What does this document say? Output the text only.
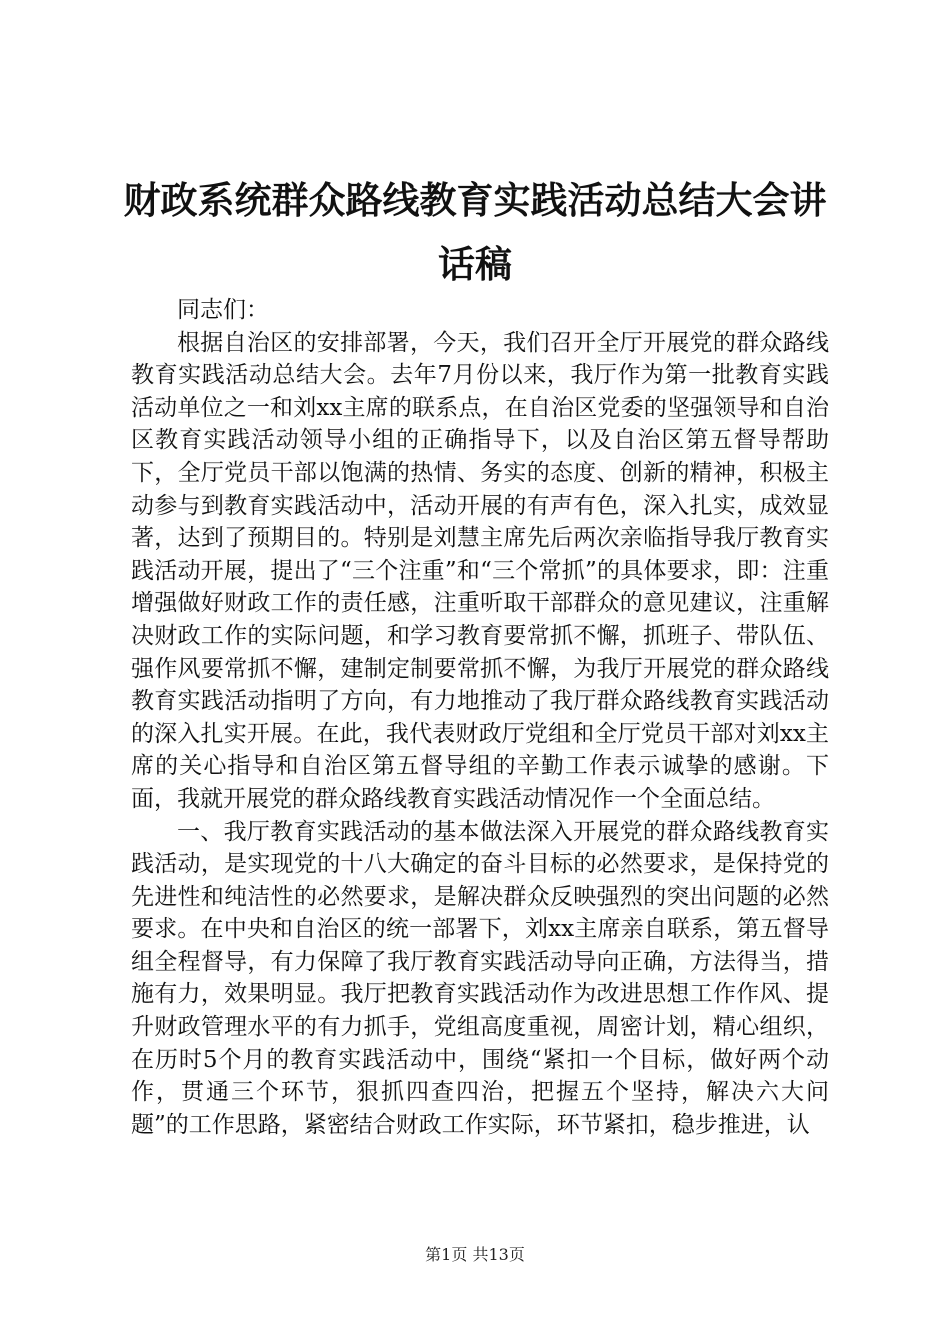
财政系统群众路线教育实践活动总结大会讲话稿

同志们：

根据自治区的安排部署，今天，我们召开全厅开展党的群众路线教育实践活动总结大会。去年7月份以来，我厅作为第一批教育实践活动单位之一和刘xx主席的联系点，在自治区党委的坚强领导和自治区教育实践活动领导小组的正确指导下，以及自治区第五督导帮助下，全厅党员干部以饱满的热情、务实的态度、创新的精神，积极主动参与到教育实践活动中，活动开展的有声有色，深入扎实，成效显著，达到了预期目的。特别是刘慧主席先后两次亲临指导我厅教育实践活动开展，提出了“三个注重”和“三个常抓”的具体要求，即：注重增强做好财政工作的责任感，注重听取干部群众的意见建议，注重解决财政工作的实际问题，和学习教育要常抓不懈，抓班子、带队伍、强作风要常抓不懈，建制定制要常抓不懈，为我厅开展党的群众路线教育实践活动指明了方向，有力地推动了我厅群众路线教育实践活动的深入扎实开展。在此，我代表财政厅党组和全厅党员干部对刘xx主席的关心指导和自治区第五督导组的辛勤工作表示诚挚的感谢。下面，我就开展党的群众路线教育实践活动情况作一个全面总结。

一、我厅教育实践活动的基本做法深入开展党的群众路线教育实践活动，是实现党的十八大确定的奋斗目标的必然要求，是保持党的先进性和纯洁性的必然要求，是解决群众反映强烈的突出问题的必然要求。在中央和自治区的统一部署下，刘xx主席亲自联系，第五督导组全程督导，有力保障了我厅教育实践活动导向正确，方法得当，措施有力，效果明显。我厅把教育实践活动作为改进思想工作作风、提升财政管理水平的有力抓手，党组高度重视，周密计划，精心组织，在历时5个月的教育实践活动中，围绕“紧扣一个目标，做好两个动作，贯通三个环节，狠抓四查四治，把握五个坚持，解决六大问题”的工作思路，紧密结合财政工作实际，环节紧扣，稳步推进，认

第1页 共13页
